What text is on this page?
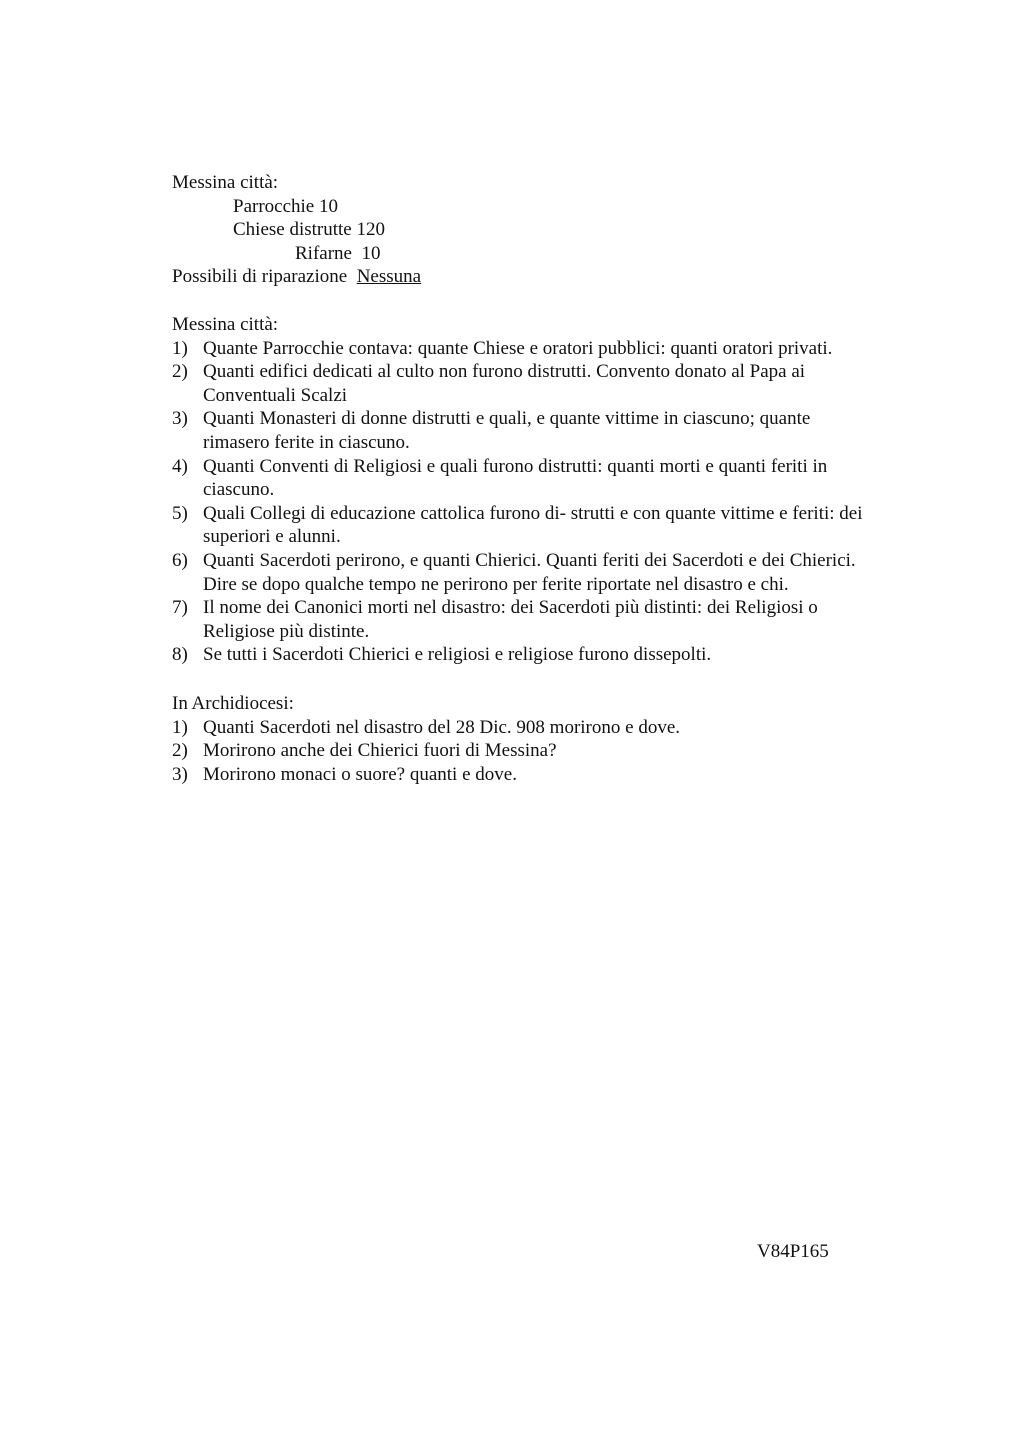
Messina città:
Parrocchie 10
Chiese distrutte 120
Rifarne  10
Possibili di riparazione Nessuna
Messina città:
1) Quante Parrocchie contava: quante Chiese e oratori pubblici: quanti oratori privati.
2) Quanti edifici dedicati al culto non furono distrutti. Convento donato al Papa ai
Conventuali Scalzi
3) Quanti Monasteri di donne distrutti e quali, e quante vittime in ciascuno; quante
rimasero ferite in ciascuno.
4) Quanti Conventi di Religiosi e quali furono distrutti: quanti morti e quanti feriti in
ciascuno.
5) Quali Collegi di educazione cattolica furono di- strutti e con quante vittime e feriti: dei
superiori e alunni.
6) Quanti Sacerdoti perirono, e quanti Chierici. Quanti feriti dei Sacerdoti e dei Chierici.
Dire se dopo qualche tempo ne perirono per ferite riportate nel disastro e chi.
7) Il nome dei Canonici morti nel disastro: dei Sacerdoti più distinti: dei Religiosi o
Religiose più distinte.
8) Se tutti i Sacerdoti Chierici e religiosi e religiose furono dissepolti.
In Archidiocesi:
1) Quanti Sacerdoti nel disastro del 28 Dic. 908 morirono e dove.
2) Morirono anche dei Chierici fuori di Messina?
3) Morirono monaci o suore? quanti e dove.
V84P165
